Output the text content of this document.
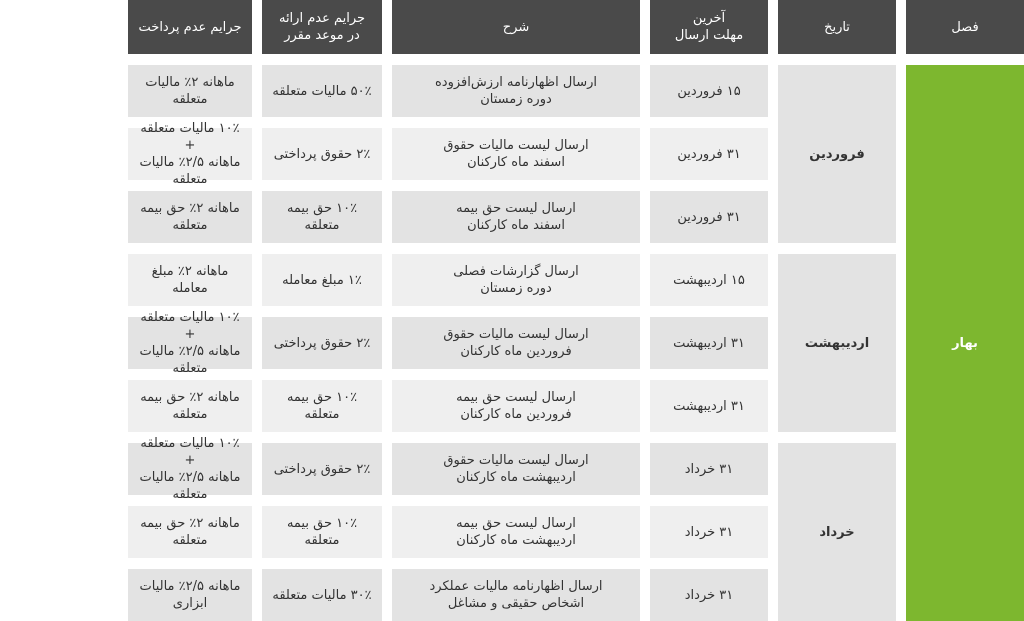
فصل
تاریخ
آخرین
مهلت ارسال
شرح
جرایم عدم ارائه
در موعد مقرر
جرایم عدم پرداخت
بهار
فروردین
اردیبهشت
خرداد
۱۵ فروردین
ارسال اظهارنامه ارزش‌افزوده
دوره زمستان
۵۰٪ مالیات متعلقه
ماهانه ۲٪ مالیات متعلقه
۳۱ فروردین
ارسال لیست مالیات حقوق
اسفند ماه کارکنان
۲٪ حقوق پرداختی
۱۰٪ مالیات متعلقه +
ماهانه ۲/۵٪ مالیات متعلقه
۳۱ فروردین
ارسال لیست حق بیمه
اسفند ماه کارکنان
۱۰٪ حق بیمه متعلقه
ماهانه ۲٪ حق بیمه متعلقه
۱۵ اردیبهشت
ارسال گزارشات فصلی
دوره زمستان
۱٪ مبلغ معامله
ماهانه ۲٪ مبلغ معامله
۳۱ اردیبهشت
ارسال لیست مالیات حقوق
فروردین ماه کارکنان
۲٪ حقوق پرداختی
۱۰٪ مالیات متعلقه +
ماهانه ۲/۵٪ مالیات متعلقه
۳۱ اردیبهشت
ارسال لیست حق بیمه
فروردین ماه کارکنان
۱۰٪ حق بیمه متعلقه
ماهانه ۲٪ حق بیمه متعلقه
۳۱ خرداد
ارسال لیست مالیات حقوق
اردیبهشت ماه کارکنان
۲٪ حقوق پرداختی
۱۰٪ مالیات متعلقه +
ماهانه ۲/۵٪ مالیات متعلقه
۳۱ خرداد
ارسال لیست حق بیمه
اردیبهشت ماه کارکنان
۱۰٪ حق بیمه متعلقه
ماهانه ۲٪ حق بیمه متعلقه
۳۱ خرداد
ارسال اظهارنامه مالیات عملکرد
اشخاص حقیقی و مشاغل
۳۰٪ مالیات متعلقه
ماهانه ۲/۵٪ مالیات ابزاری
